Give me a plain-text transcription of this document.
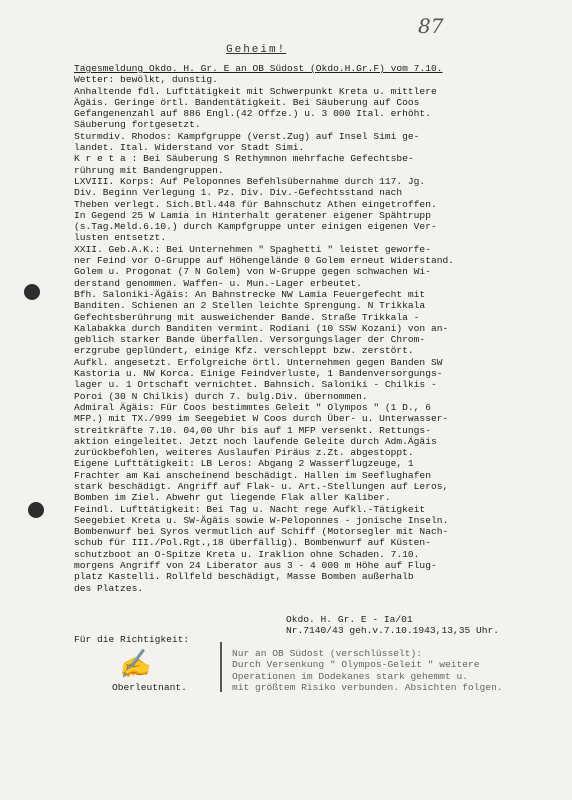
87
Geheim!
Tagesmeldung Okdo. H. Gr. E an OB Südost (Okdo.H.Gr.F) vom 7.10.
Wetter: bewölkt, dunstig.
Anhaltende fdl. Lufttätigkeit mit Schwerpunkt Kreta u. mittlere
Ägäis. Geringe örtl. Bandentätigkeit. Bei Säuberung auf Coos
Gefangenenzahl auf 886 Engl.(42 Offze.) u. 3 000 Ital. erhöht.
Säuberung fortgesetzt.
Sturmdiv. Rhodos: Kampfgruppe (verst.Zug) auf Insel Simi ge-
landet. Ital. Widerstand vor Stadt Simi.
K r e t a : Bei Säuberung S Rethymnon mehrfache Gefechtsbe-
rührung mit Bandengruppen.
LXVIII. Korps: Auf Peloponnes Befehlsübernahme durch 117. Jg.
Div. Beginn Verlegung 1. Pz. Div. Div.-Gefechtsstand nach
Theben verlegt. Sich.Btl.448 für Bahnschutz Athen eingetroffen.
In Gegend 25 W Lamia in Hinterhalt geratener eigener Spähtrupp
(s.Tag.Meld.6.10.) durch Kampfgruppe unter einigen eigenen Ver-
lusten entsetzt.
XXII. Geb.A.K.: Bei Unternehmen " Spaghetti " leistet geworfe-
ner Feind vor O-Gruppe auf Höhengelände 0 Golem erneut Widerstand.
Golem u. Progonat (7 N Golem) von W-Gruppe gegen schwachen Wi-
derstand genommen. Waffen- u. Mun.-Lager erbeutet.
Bfh. Saloniki-Ägäis: An Bahnstrecke NW Lamia Feuergefecht mit
Banditen. Schienen an 2 Stellen leichte Sprengung. N Trikkala
Gefechtsberührung mit ausweichender Bande. Straße Trikkala -
Kalabakka durch Banditen vermint. Rodiani (10 SSW Kozani) von an-
geblich starker Bande überfallen. Versorgungslager der Chrom-
erzgrube geplündert, einige Kfz. verschleppt bzw. zerstört.
Aufkl. angesetzt. Erfolgreiche örtl. Unternehmen gegen Banden SW
Kastoria u. NW Korca. Einige Feindverluste, 1 Bandenversorgungs-
lager u. 1 Ortschaft vernichtet. Bahnsich. Saloniki - Chilkis -
Poroi (30 N Chilkis) durch 7. bulg.Div. übernommen.
Admiral Ägäis: Für Coos bestimmtes Geleit " Olympos " (1 D., 6
MFP.) mit TX./999 im Seegebiet W Coos durch Über- u. Unterwasser-
streitkräfte 7.10. 04,00 Uhr bis auf 1 MFP versenkt. Rettungs-
aktion eingeleitet. Jetzt noch laufende Geleite durch Adm.Ägäis
zurückbefohlen, weiteres Auslaufen Piräus z.Zt. abgestoppt.
Eigene Lufttätigkeit: LB Leros: Abgang 2 Wasserflugzeuge, 1
Frachter am Kai anscheinend beschädigt. Hallen im Seeflughafen
stark beschädigt. Angriff auf Flak- u. Art.-Stellungen auf Leros,
Bomben im Ziel. Abwehr gut liegende Flak aller Kaliber.
Feindl. Lufttätigkeit: Bei Tag u. Nacht rege Aufkl.-Tätigkeit
Seegebiet Kreta u. SW-Ägäis sowie W-Peloponnes - jonische Inseln.
Bombenwurf bei Syros vermutlich auf Schiff (Motorsegler mit Nach-
schub für III./Pol.Rgt.,18 überfällig). Bombenwurf auf Küsten-
schutzboot an O-Spitze Kreta u. Iraklion ohne Schaden. 7.10.
morgens Angriff von 24 Liberator aus 3 - 4 000 m Höhe auf Flug-
platz Kastelli. Rollfeld beschädigt, Masse Bomben außerhalb
des Platzes.
Okdo. H. Gr. E - Ia/01
Nr.7140/43 geh.v.7.10.1943,13,35 Uhr.
Für die Richtigkeit:
✍
Oberleutnant.
Nur an OB Südost (verschlüsselt):
Durch Versenkung " Olympos-Geleit " weitere
Operationen im Dodekanes stark gehemmt u.
mit größtem Risiko verbunden. Absichten folgen.
